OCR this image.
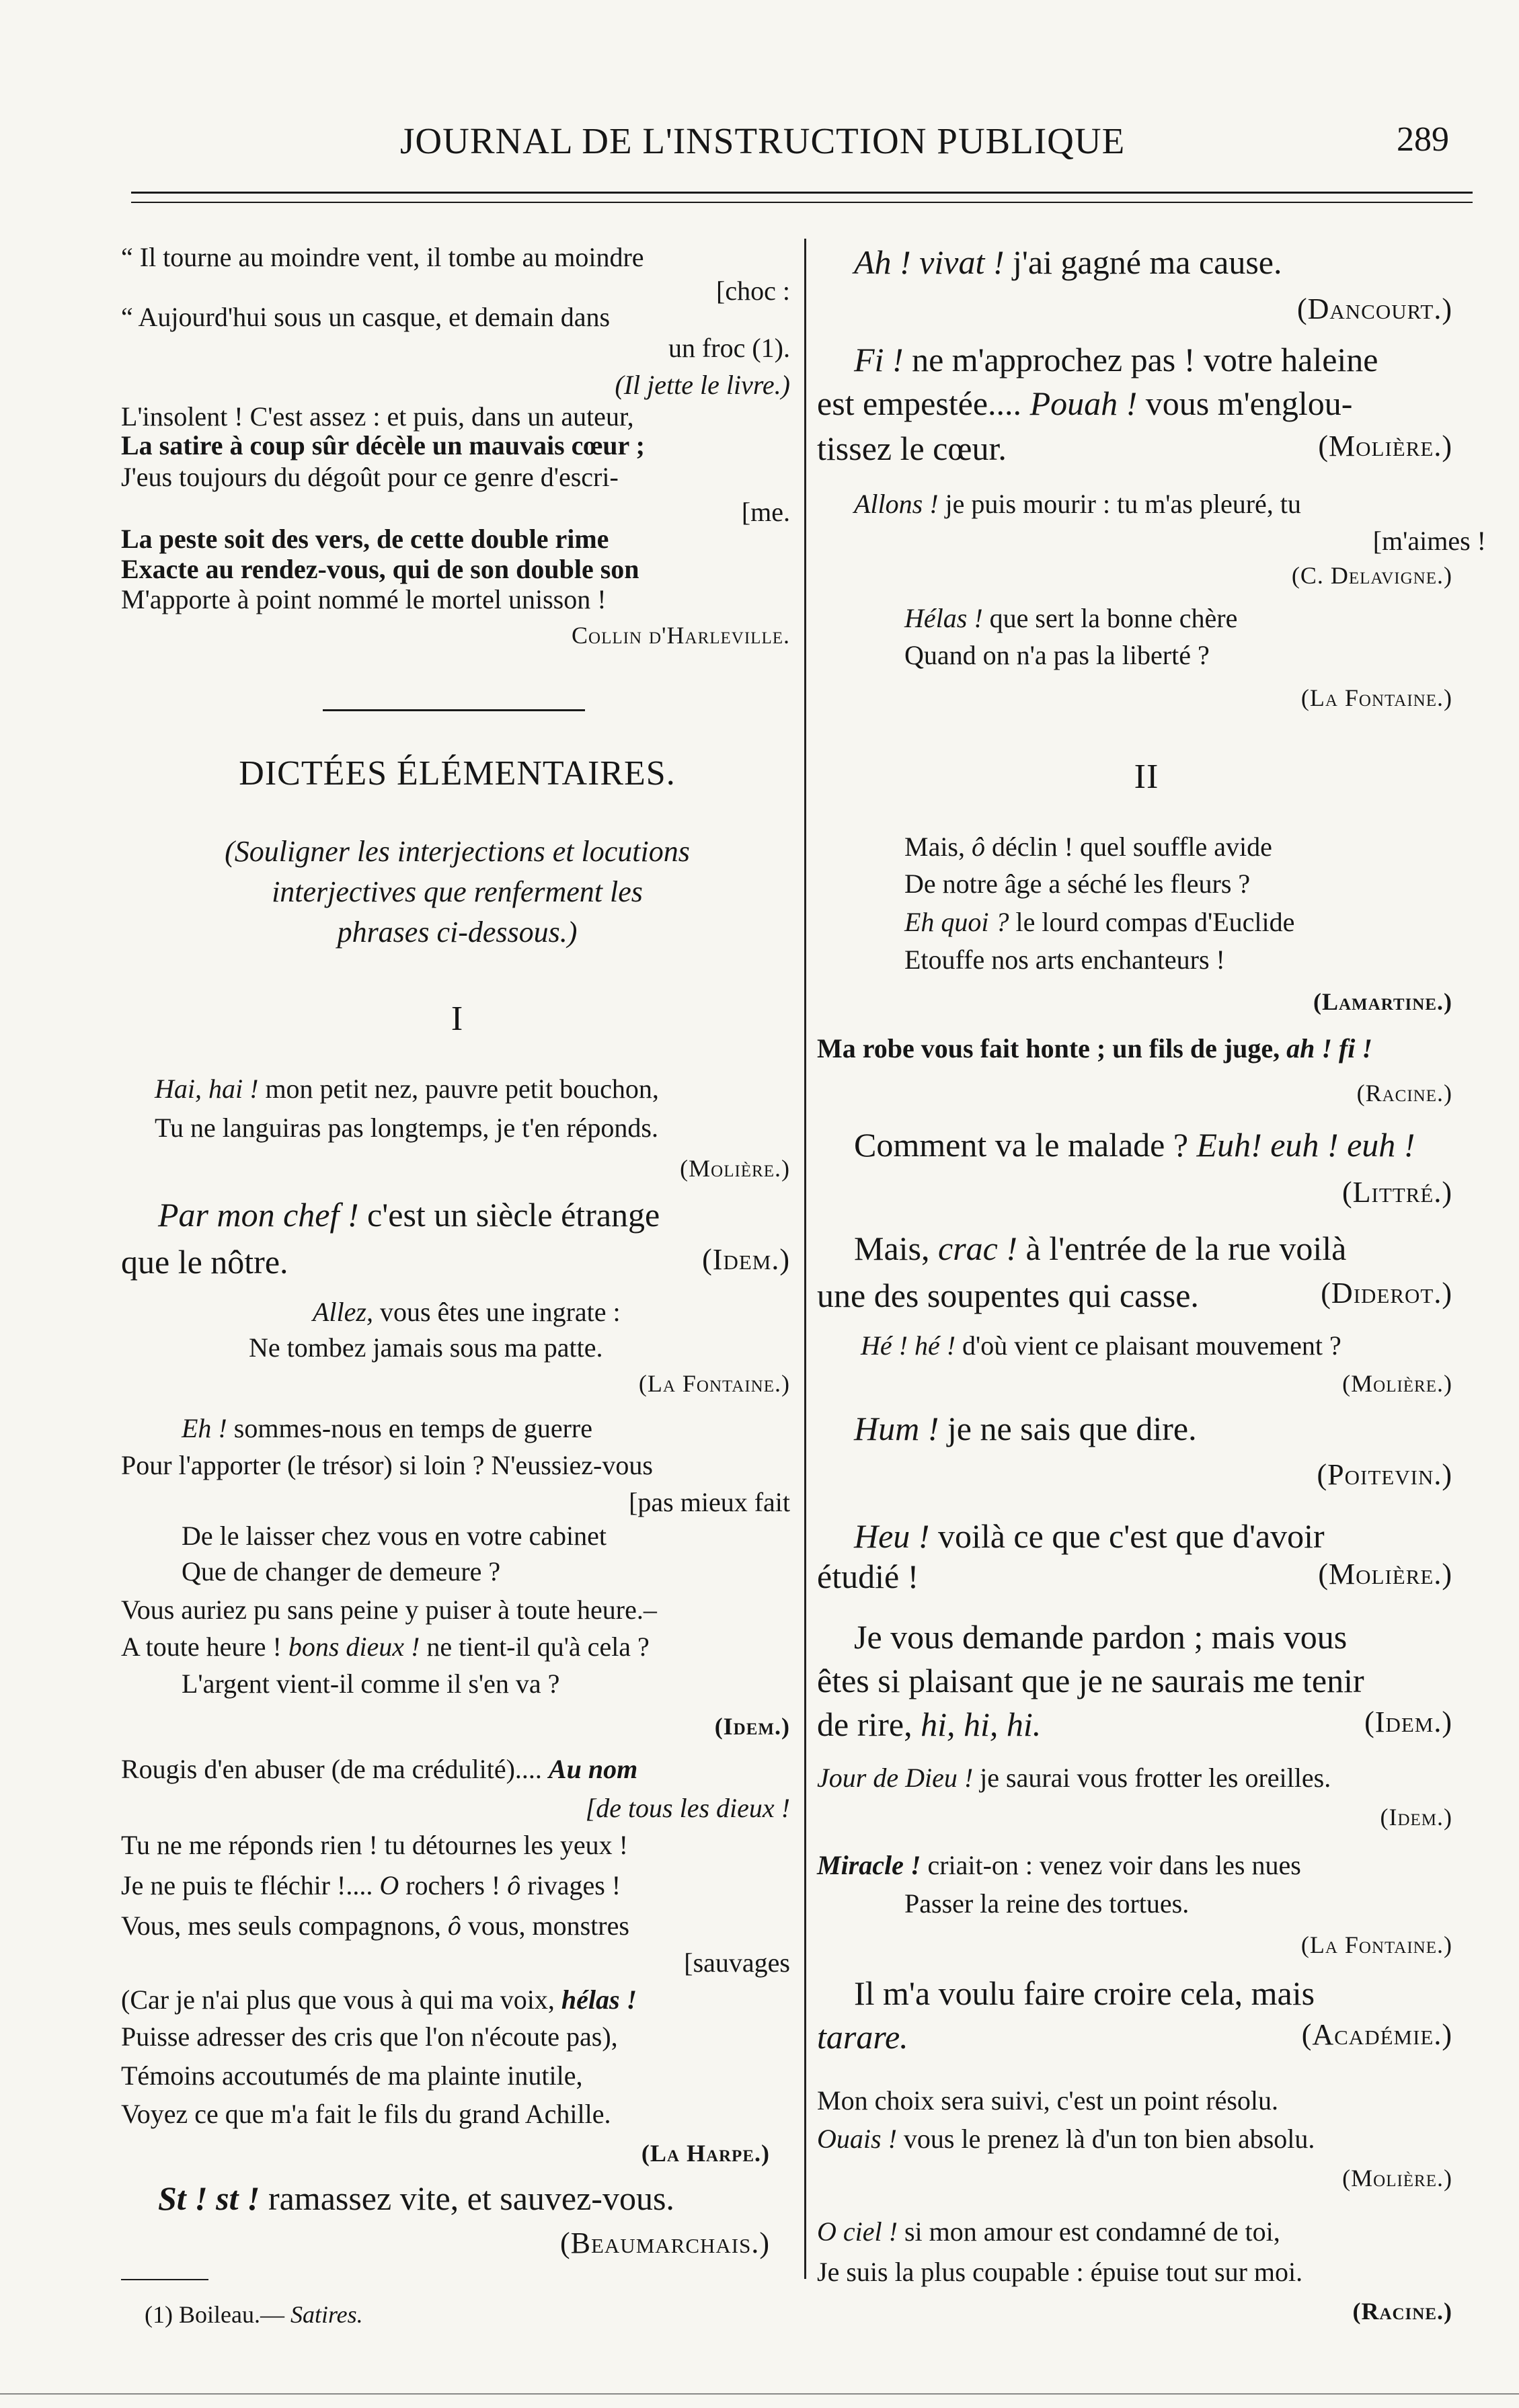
JOURNAL DE L'INSTRUCTION PUBLIQUE	289
“ Il tourne au moindre vent, il tombe au moindre
[choc :
“ Aujourd'hui sous un casque, et demain dans
un froc (1).
(Il jette le livre.)
L'insolent ! C'est assez : et puis, dans un auteur,
La satire à coup sûr décèle un mauvais cœur ;
J'eus toujours du dégoût pour ce genre d'escri-
[me.
La peste soit des vers, de cette double rime
Exacte au rendez-vous, qui de son double son
M'apporte à point nommé le mortel unisson !
Collin d'Harleville.
DICTÉES ÉLÉMENTAIRES.
(Souligner les interjections et locutions
interjectives que renferment les
phrases ci-dessous.)
I
Hai, hai ! mon petit nez, pauvre petit bouchon,
Tu ne languiras pas longtemps, je t'en réponds.
(Molière.)
Par mon chef ! c'est un siècle étrange
que le nôtre.	(Idem.)
Allez, vous êtes une ingrate :
Ne tombez jamais sous ma patte.
(La Fontaine.)
Eh ! sommes-nous en temps de guerre
Pour l'apporter (le trésor) si loin ? N'eussiez-vous
[pas mieux fait
De le laisser chez vous en votre cabinet
Que de changer de demeure ?
Vous auriez pu sans peine y puiser à toute heure.–
A toute heure ! bons dieux ! ne tient-il qu'à cela ?
L'argent vient-il comme il s'en va ?
(Idem.)
Rougis d'en abuser (de ma crédulité).... Au nom
[de tous les dieux !
Tu ne me réponds rien ! tu détournes les yeux !
Je ne puis te fléchir !.... O rochers ! ô rivages !
Vous, mes seuls compagnons, ô vous, monstres
[sauvages
(Car je n'ai plus que vous à qui ma voix, hélas !
Puisse adresser des cris que l'on n'écoute pas),
Témoins accoutumés de ma plainte inutile,
Voyez ce que m'a fait le fils du grand Achille.
(La Harpe.)
St ! st ! ramassez vite, et sauvez-vous.
(Beaumarchais.)
(1) Boileau.— Satires.
Ah ! vivat ! j'ai gagné ma cause.
(Dancourt.)
Fi ! ne m'approchez pas ! votre haleine
est empestée.... Pouah ! vous m'englou-
tissez le cœur.	(Molière.)
Allons ! je puis mourir : tu m'as pleuré, tu
[m'aimes !
(C. Delavigne.)
Hélas ! que sert la bonne chère
Quand on n'a pas la liberté ?
(La Fontaine.)
II
Mais, ô déclin ! quel souffle avide
De notre âge a séché les fleurs ?
Eh quoi ? le lourd compas d'Euclide
Etouffe nos arts enchanteurs !
(Lamartine.)
Ma robe vous fait honte ; un fils de juge, ah ! fi !
(Racine.)
Comment va le malade ? Euh! euh ! euh !
(Littré.)
Mais, crac ! à l'entrée de la rue voilà
une des soupentes qui casse.	(Diderot.)
Hé ! hé ! d'où vient ce plaisant mouvement ?
(Molière.)
Hum ! je ne sais que dire.
(Poitevin.)
Heu ! voilà ce que c'est que d'avoir
étudié !	(Molière.)
Je vous demande pardon ; mais vous
êtes si plaisant que je ne saurais me tenir
de rire, hi, hi, hi.	(Idem.)
Jour de Dieu ! je saurai vous frotter les oreilles.
(Idem.)
Miracle ! criait-on : venez voir dans les nues
Passer la reine des tortues.
(La Fontaine.)
Il m'a voulu faire croire cela, mais
tarare.	(Académie.)
Mon choix sera suivi, c'est un point résolu.
Ouais ! vous le prenez là d'un ton bien absolu.
(Molière.)
O ciel ! si mon amour est condamné de toi,
Je suis la plus coupable : épuise tout sur moi.
(Racine.)
